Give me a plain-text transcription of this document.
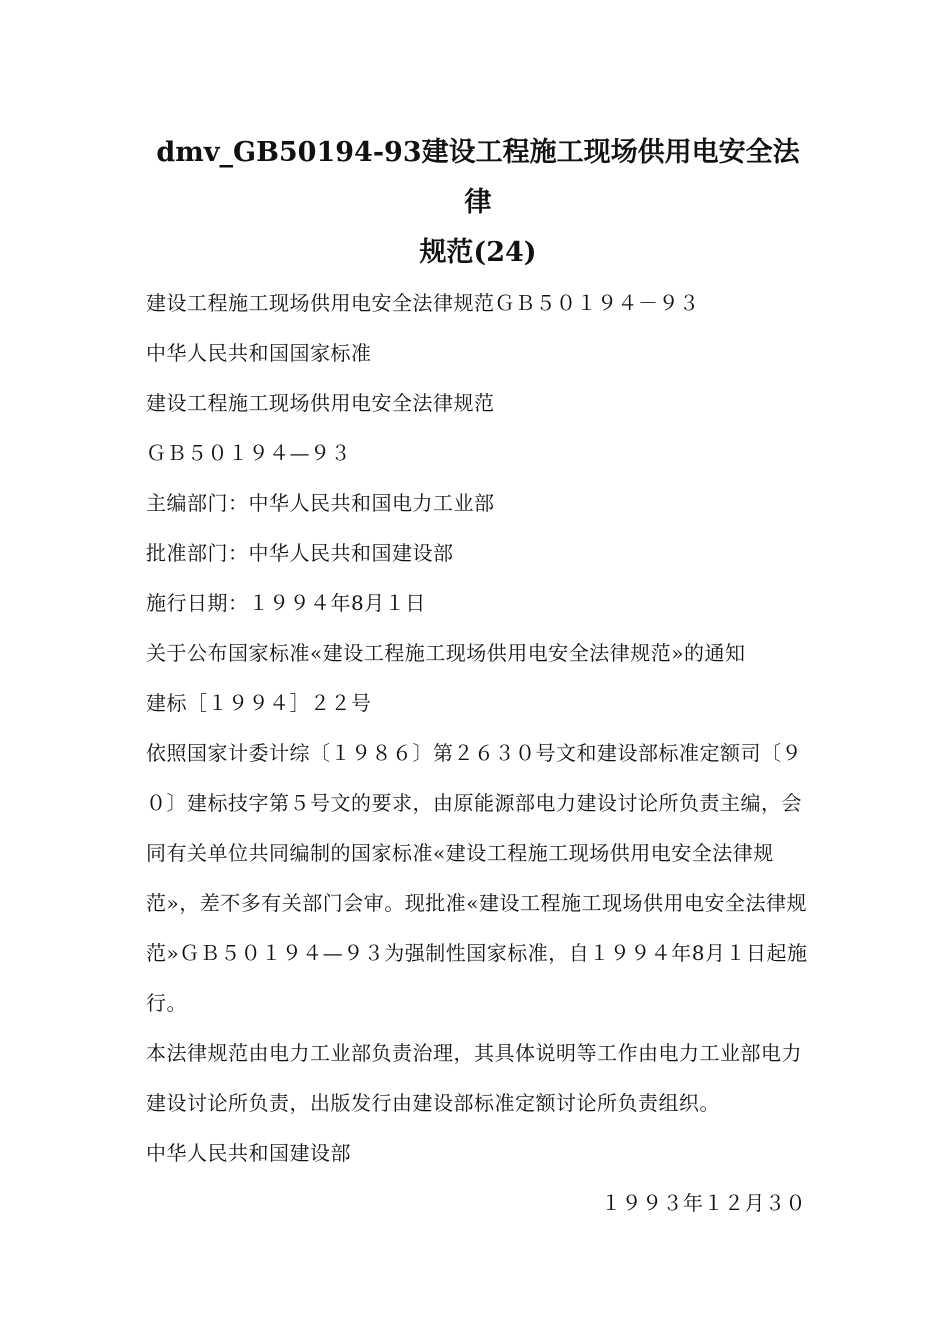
dmv_GB50194-93建设工程施工现场供用电安全法律
规范(24)

建设工程施工现场供用电安全法律规范ＧＢ５０１９４－９３

中华人民共和国国家标准

建设工程施工现场供用电安全法律规范

ＧＢ５０１９４—９３

主编部门：中华人民共和国电力工业部

批准部门：中华人民共和国建设部

施行日期：１９９４年8月１日

关于公布国家标准«建设工程施工现场供用电安全法律规范»的通知

建标［１９９４］２２号

依照国家计委计综〔１９８６〕第２６３０号文和建设部标准定额司〔９０〕建标技字第５号文的要求，由原能源部电力建设讨论所负责主编，会同有关单位共同编制的国家标准«建设工程施工现场供用电安全法律规范»，差不多有关部门会审。现批准«建设工程施工现场供用电安全法律规范»ＧＢ５０１９４—９３为强制性国家标准，自１９９４年8月１日起施行。

本法律规范由电力工业部负责治理，其具体说明等工作由电力工业部电力建设讨论所负责，出版发行由建设部标准定额讨论所负责组织。

中华人民共和国建设部

１９９３年１２月３０
